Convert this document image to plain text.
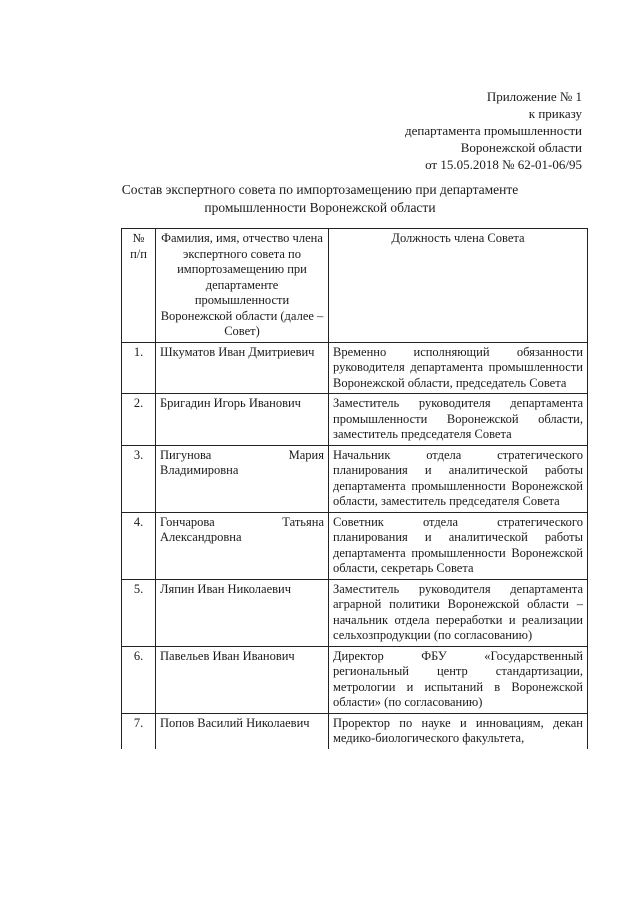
Приложение № 1
к приказу
департамента промышленности
Воронежской области
от 15.05.2018 № 62-01-06/95
Состав экспертного совета по импортозамещению при департаменте
промышленности Воронежской области
№ п/п	Фамилия, имя, отчество члена экспертного совета по импортозамещению при департаменте промышленности Воронежской области (далее – Совет)	Должность члена Совета
1.	Шкуматов Иван Дмитриевич	Временно исполняющий обязанности руководителя департамента промышленности Воронежской области, председатель Совета
2.	Бригадин Игорь Иванович	Заместитель руководителя департамента промышленности Воронежской области, заместитель председателя Совета
3.	Пигунова Мария Владимировна	Начальник отдела стратегического планирования и аналитической работы департамента промышленности Воронежской области, заместитель председателя Совета
4.	Гончарова Татьяна Александровна	Советник отдела стратегического планирования и аналитической работы департамента промышленности Воронежской области, секретарь Совета
5.	Ляпин Иван Николаевич	Заместитель руководителя департамента аграрной политики Воронежской области – начальник отдела переработки и реализации сельхозпродукции (по согласованию)
6.	Павельев Иван Иванович	Директор ФБУ «Государственный региональный центр стандартизации, метрологии и испытаний в Воронежской области» (по согласованию)
7.	Попов Василий Николаевич	Проректор по науке и инновациям, декан медико-биологического факультета,
